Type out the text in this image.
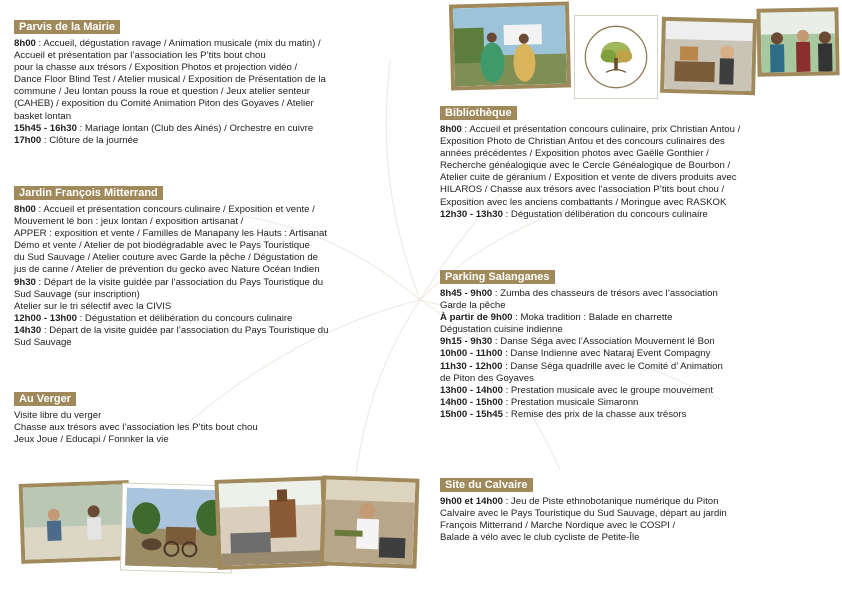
Parvis de la Mairie
8h00 : Accueil, dégustation ravage / Animation musicale (mix du matin) /
Accueil et présentation par l’association les P’tits bout chou
pour la chasse aux trésors / Exposition Photos et projection vidéo /
Dance Floor Blind Test / Atelier musical / Exposition de Présentation de la
commune / Jeu lontan pouss la roue et question / Jeux atelier senteur
(CAHEB) / exposition du Comité Animation Piton des Goyaves / Atelier
basket lontan
15h45 - 16h30 : Mariage lontan (Club des Ainés) / Orchestre en cuivre
17h00 : Clôture de la journée
Jardin François Mitterrand
8h00 : Accueil et présentation concours culinaire / Exposition et vente /
Mouvement lé bon : jeux lontan / exposition artisanat /
APPER : exposition et vente / Familles de Manapany les Hauts : Artisanat
Démo et vente / Atelier de pot biodégradable avec le Pays Touristique
du Sud Sauvage / Atelier couture avec Garde la pêche / Dégustation de
jus de canne / Atelier de prévention du gecko avec Nature Océan Indien
9h30 : Départ de la visite guidée par l’association du Pays Touristique du
Sud Sauvage (sur inscription)
Atelier sur le tri sélectif avec la CIVIS
12h00 - 13h00 : Dégustation et délibération du concours culinaire
14h30 : Départ de la visite guidée par l’association du Pays Touristique du
Sud Sauvage
Au Verger
Visite libre du verger
Chasse aux trésors avec l’association les P’tits bout chou
Jeux Joue / Educapi / Fonnker la vie
Bibliothèque
8h00 : Accueil et présentation concours culinaire, prix Christian Antou /
Exposition Photo de Christian Antou et des concours culinaires des
années précédentes / Exposition photos avec Gaëlle Gonthier /
Recherche généalogique avec le Cercle Généalogique de Bourbon /
Atelier cuite de géranium / Exposition et vente de divers produits avec
HILAROS / Chasse aux trésors avec l’association P’tits bout chou /
Exposition avec les anciens combattants / Moringue avec RASKOK
12h30 - 13h30 : Dégustation délibération du concours culinaire
Parking Salanganes
8h45 - 9h00 : Zumba des chasseurs de trésors avec l’association
Garde la pêche
À partir de 9h00 : Moka tradition : Balade en charrette
Dégustation cuisine indienne
9h15 - 9h30 : Danse Séga avec l’Association Mouvement lé Bon
10h00 - 11h00 : Danse Indienne avec Nataraj Event Compagny
11h30 - 12h00 : Danse Séga quadrille avec le Comité d’ Animation
de Piton des Goyaves
13h00 - 14h00 : Prestation musicale avec le groupe mouvement
14h00 - 15h00 : Prestation musicale Simaronn
15h00 - 15h45 : Remise des prix de la chasse aux trésors
Site du Calvaire
9h00 et 14h00 : Jeu de Piste ethnobotanique numérique du Piton
Calvaire avec le Pays Touristique du Sud Sauvage, départ au jardin
François Mitterrand / Marche Nordique avec le COSPI /
Balade à vélo avec le club cycliste de Petite-Île
